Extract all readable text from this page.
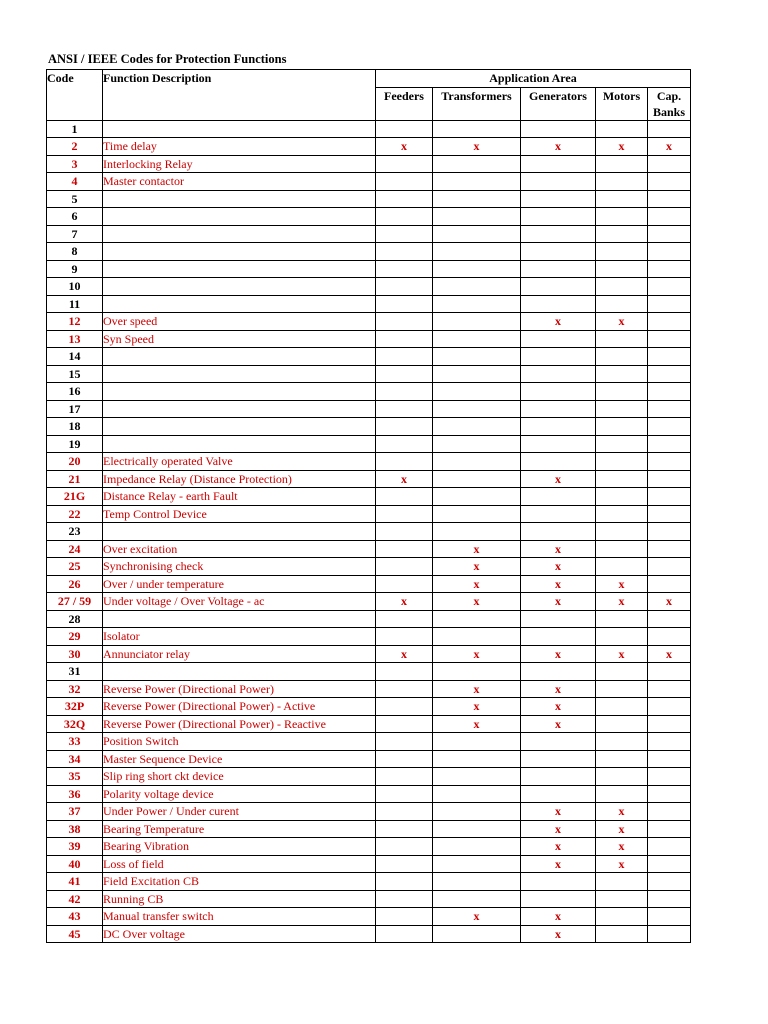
ANSI / IEEE Codes for Protection Functions
Code	Function Description	Application Area				
		Feeders	Transformers	Generators	Motors	Cap. Banks
1						
2	Time delay	x	x	x	x	x
3	Interlocking Relay					
4	Master contactor					
5						
6						
7						
8						
9						
10						
11						
12	Over speed			x	x	
13	Syn Speed					
14						
15						
16						
17						
18						
19						
20	Electrically operated Valve					
21	Impedance Relay (Distance Protection)	x		x		
21G	Distance Relay - earth Fault					
22	Temp Control Device					
23						
24	Over excitation		x	x		
25	Synchronising check		x	x		
26	Over / under temperature		x	x	x	
27 / 59	Under voltage / Over Voltage - ac	x	x	x	x	x
28						
29	Isolator					
30	Annunciator relay	x	x	x	x	x
31						
32	Reverse Power (Directional Power)		x	x		
32P	Reverse Power (Directional Power) - Active		x	x		
32Q	Reverse Power (Directional Power) - Reactive		x	x		
33	Position Switch					
34	Master Sequence Device					
35	Slip ring short ckt device					
36	Polarity voltage device					
37	Under Power / Under curent			x	x	
38	Bearing Temperature			x	x	
39	Bearing Vibration			x	x	
40	Loss of field			x	x	
41	Field Excitation CB					
42	Running CB					
43	Manual transfer switch		x	x		
45	DC Over voltage			x		
